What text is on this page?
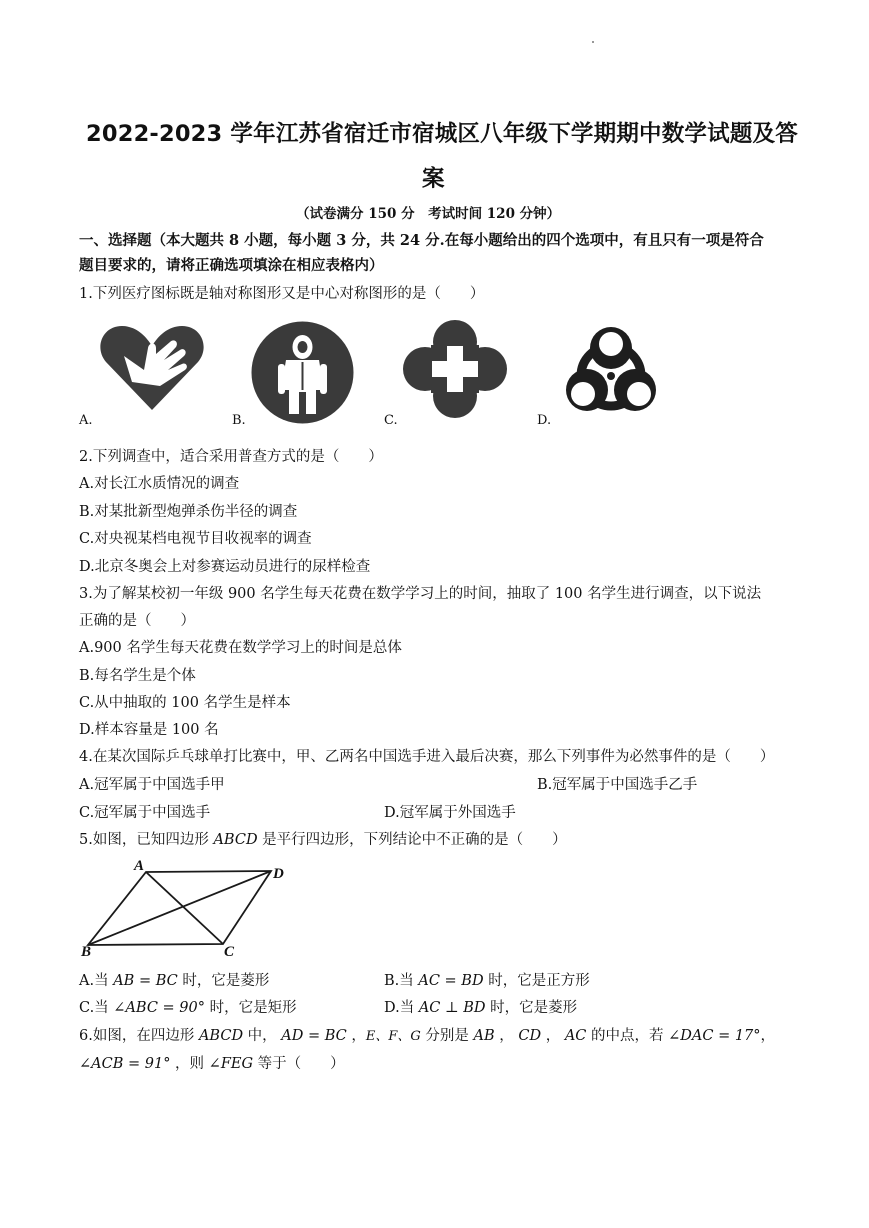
2022-2023 学年江苏省宿迁市宿城区八年级下学期期中数学试题及答
案
（试卷满分 150 分　考试时间 120 分钟）
一、选择题（本大题共 8 小题，每小题 3 分，共 24 分.在每小题给出的四个选项中，有且只有一项是符合
题目要求的，请将正确选项填涂在相应表格内）
1.下列医疗图标既是轴对称图形又是中心对称图形的是（　　）
A.	B.	C.	D.
2.下列调查中，适合采用普查方式的是（　　）
A.对长江水质情况的调查
B.对某批新型炮弹杀伤半径的调查
C.对央视某档电视节目收视率的调查
D.北京冬奥会上对参赛运动员进行的尿样检查
3.为了解某校初一年级 900 名学生每天花费在数学学习上的时间，抽取了 100 名学生进行调查，以下说法
正确的是（　　）
A.900 名学生每天花费在数学学习上的时间是总体
B.每名学生是个体
C.从中抽取的 100 名学生是样本
D.样本容量是 100 名
4.在某次国际乒乓球单打比赛中，甲、乙两名中国选手进入最后决赛，那么下列事件为必然事件的是（　　）
A.冠军属于中国选手甲	B.冠军属于中国选手乙手
C.冠军属于中国选手	D.冠军属于外国选手
5.如图，已知四边形 ABCD 是平行四边形，下列结论中不正确的是（　　）
A	D
B	C
A.当 AB = BC 时，它是菱形	B.当 AC = BD 时，它是正方形
C.当 ∠ABC = 90° 时，它是矩形	D.当 AC ⊥ BD 时，它是菱形
6.如图，在四边形 ABCD 中， AD = BC ，E、F、G 分别是 AB ， CD ， AC 的中点，若 ∠DAC = 17°，
∠ACB = 91° ，则 ∠FEG 等于（　　）
